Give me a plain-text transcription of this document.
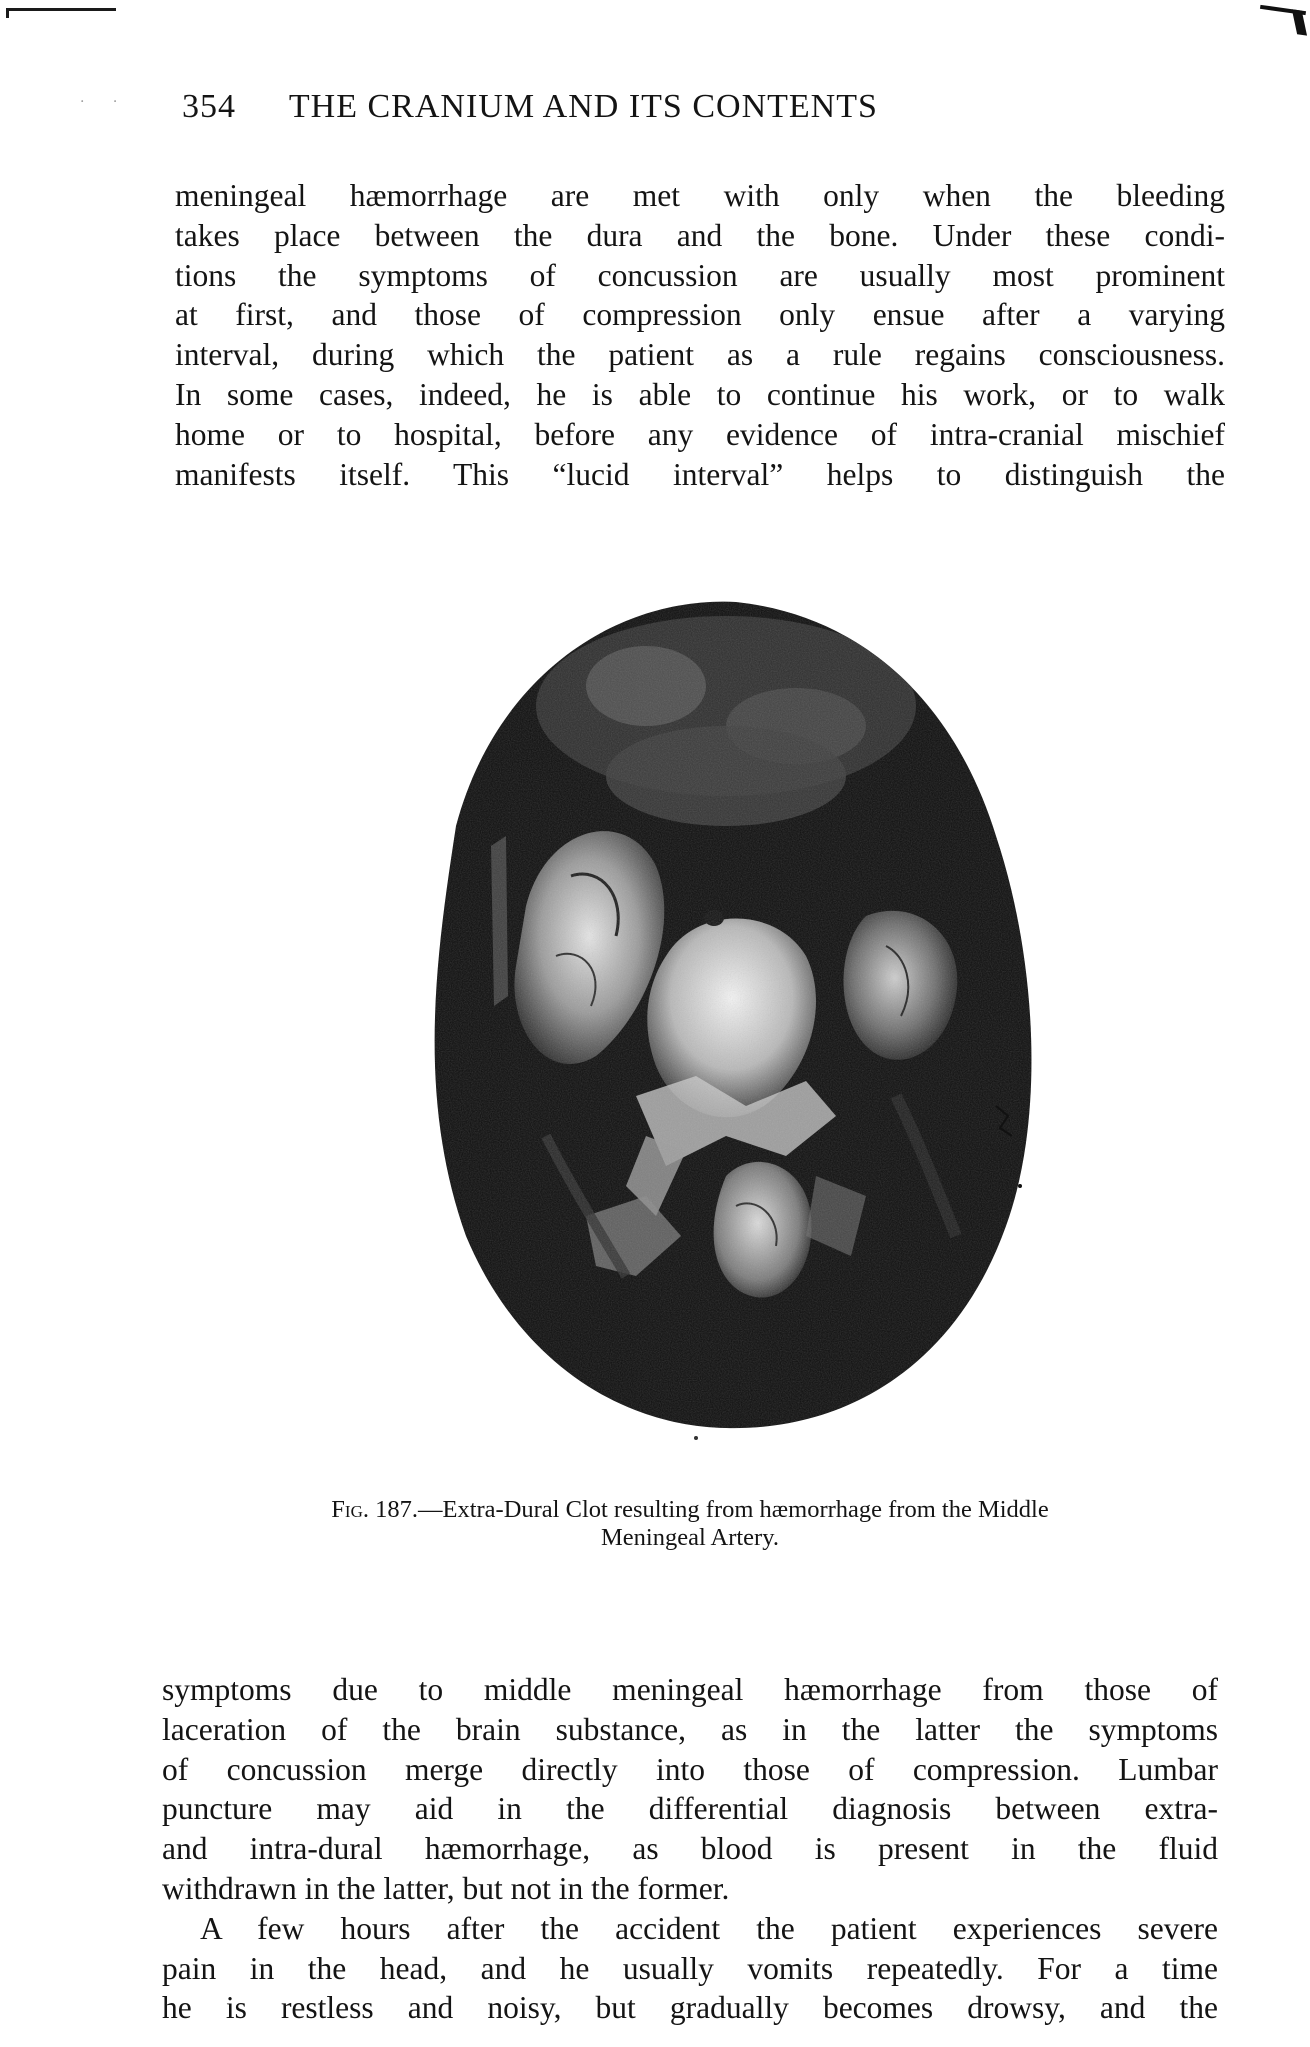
· · 354 THE CRANIUM AND ITS CONTENTS
meningeal hæmorrhage are met with only when the bleeding
takes place between the dura and the bone. Under these condi-
tions the symptoms of concussion are usually most prominent
at first, and those of compression only ensue after a varying
interval, during which the patient as a rule regains consciousness.
In some cases, indeed, he is able to continue his work, or to walk
home or to hospital, before any evidence of intra-cranial mischief
manifests itself. This “lucid interval” helps to distinguish the
Fig. 187.—Extra-Dural Clot resulting from hæmorrhage from the Middle
Meningeal Artery.
symptoms due to middle meningeal hæmorrhage from those of
laceration of the brain substance, as in the latter the symptoms
of concussion merge directly into those of compression. Lumbar
puncture may aid in the differential diagnosis between extra-
and intra-dural hæmorrhage, as blood is present in the fluid
withdrawn in the latter, but not in the former.
A few hours after the accident the patient experiences severe
pain in the head, and he usually vomits repeatedly. For a time
he is restless and noisy, but gradually becomes drowsy, and the
